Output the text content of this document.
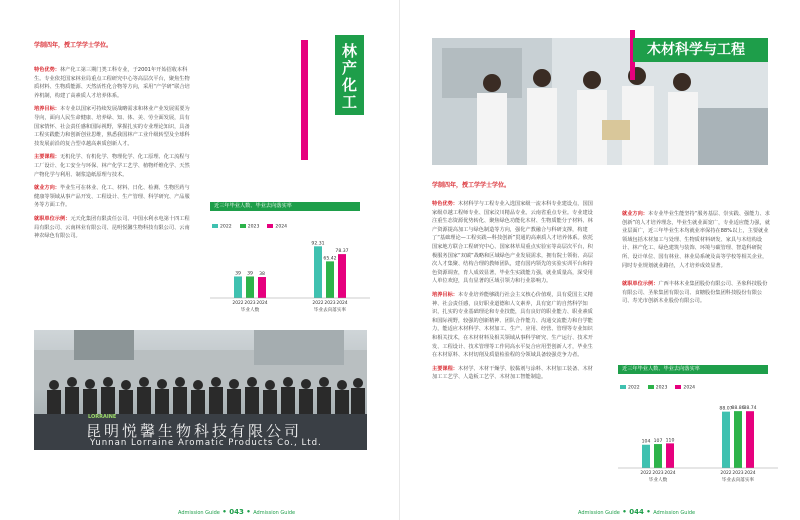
林产化工
学制四年，授工学学士学位。

特色优势：林产化工第三期门类工科专业，于2001年开始招收本科生。专业依托国家林业局重点工程研究中心等高层次平台，聚焦生物质材料、生物质能源、天然活性化合物等方向，采用“产学研”联合培养机制，构建了高素质人才培养体系。

培养目标：本专业以国家可持续发展战略需求和林业产业发展需要为导向，面向人民生命健康、培养绿、知、体、美、劳全面发展，具有国家情怀、社会责任感和国际视野，掌握扎实的专业理论知识，具备工程实践能力和创新创业思维，熟悉我国林产工业升级转型及全球科技发展前沿的复合型卓越高素质创新人才。

主要课程：无机化学、有机化学、物理化学、化工原理、化工流程与工厂设计、化工安全与环保、林产化学工艺学、植物纤维化学、天然产物化学与利用、制浆造纸原理与技术。

就业方向：毕业生可在林业、化工、材料、日化、检测、生物医药与健康等领域从事产品开发、工程设计、生产管理、科学研究、产品服务等方面工作。

就职单位示例：元天化集团有限责任公司、中国水利水电第十四工程局有限公司、云南林业有限公司、昆明悦馨生物科技有限公司、云南神农绿色有限公司。

近三年毕业人数、毕业去向落实率
2022	2023	2024
39
2022
39
2023
38
2024
毕业人数
92.31
2022
65.42
2023
78.37
2024
毕业去向落实率
LORRAINE
昆明悦馨生物科技有限公司
Yunnan Lorraine Aromatic Products Co., Ltd.
Admission Guide • 043 • Admission Guide
木材科学与工程
学制四年，授工学学士学位。

特色优势：木材科学与工程专业入选国家级一流本科专业建设点，国国家级卓越工程师专业、国家汶川精品专业。云南省重点专业。专业建设注重生态资源优势转化、聚焦绿色功能化木材、生物质能分子材料、林产资源提高加工与绿色制造等方向，强化产教融合与科研支撑，构建了“基础理论—工程实践—科技创新”贯通的高素质人才培养体系。依托国家地方联合工程研究中心、国家林草局重点实验室等高层次平台，积极服务国家“双碳”战略和区域绿色产业发展需求，拥有院士领衔、高层次人才集聚、结构合理的教师团队，建有国内领先的实验实训平台和持色资源调查，育人成效显著，毕业生实践能力强，就业质量高，深受用人单位欢迎，具有显著的区域引领力和行业影响力。

培养目标：本专业培养能够践行社会主义核心价值观，具有爱国主义精神、社会责任感，良好职业道德和人文素养，具有宽广的自然科学知识，扎实的专业基础理论和专业技能，具有良好的职业能力、职业素质和国际视野，较强的创新精神、团队合作能力、沟通交流能力和自学能力，能适应木材科学、木材加工、生产、应用、经营、管理等专业知识和相关技术，在木材材料及相关领域从事科学研究、生产运行、技术开发、工程设计、技术管理等工作同高水平复合应用型创新人才，毕业生在木材原料、木材切削及质量检验程的分领域具备较强竞争力者。

主要课程：木材学、木材干燥学、胶黏剂与涂料、木材加工装备、木材加工工艺学、人造板工艺学、木材加工智能制造。

就业方向：本专业毕业生能坚持“服务基层、崇实践、强能力、求创新”的人才培养理念，毕业生就业面宽广，专业适应能力强，就业层面广，近三年毕业生本均就业率保持在88%以上，主要就业领域包括木材加工与处理、生物质材料研发、家具与木结构设计、林产化工、绿色建筑与装饰、环境与碳管理、智造科研院所、设计单位、国有林业、林业局系统及高等学校等相关企业，同时专业规划就业路径，人才培养成效显著。

就职单位示例：广西丰林木业集团股份有限公司、圣象科技股份有限公司、圣象集团有限公司、食糖股份集团科技股份有限公司、寿光市创新木业股份有限公司。

近三年毕业人数、毕业去向落实率
2022	2023	2024
104
2022
107
2023
110
2024
毕业人数
88.07
2022
88.86
2023
88.74
2024
毕业去向落实率
Admission Guide • 044 • Admission Guide
